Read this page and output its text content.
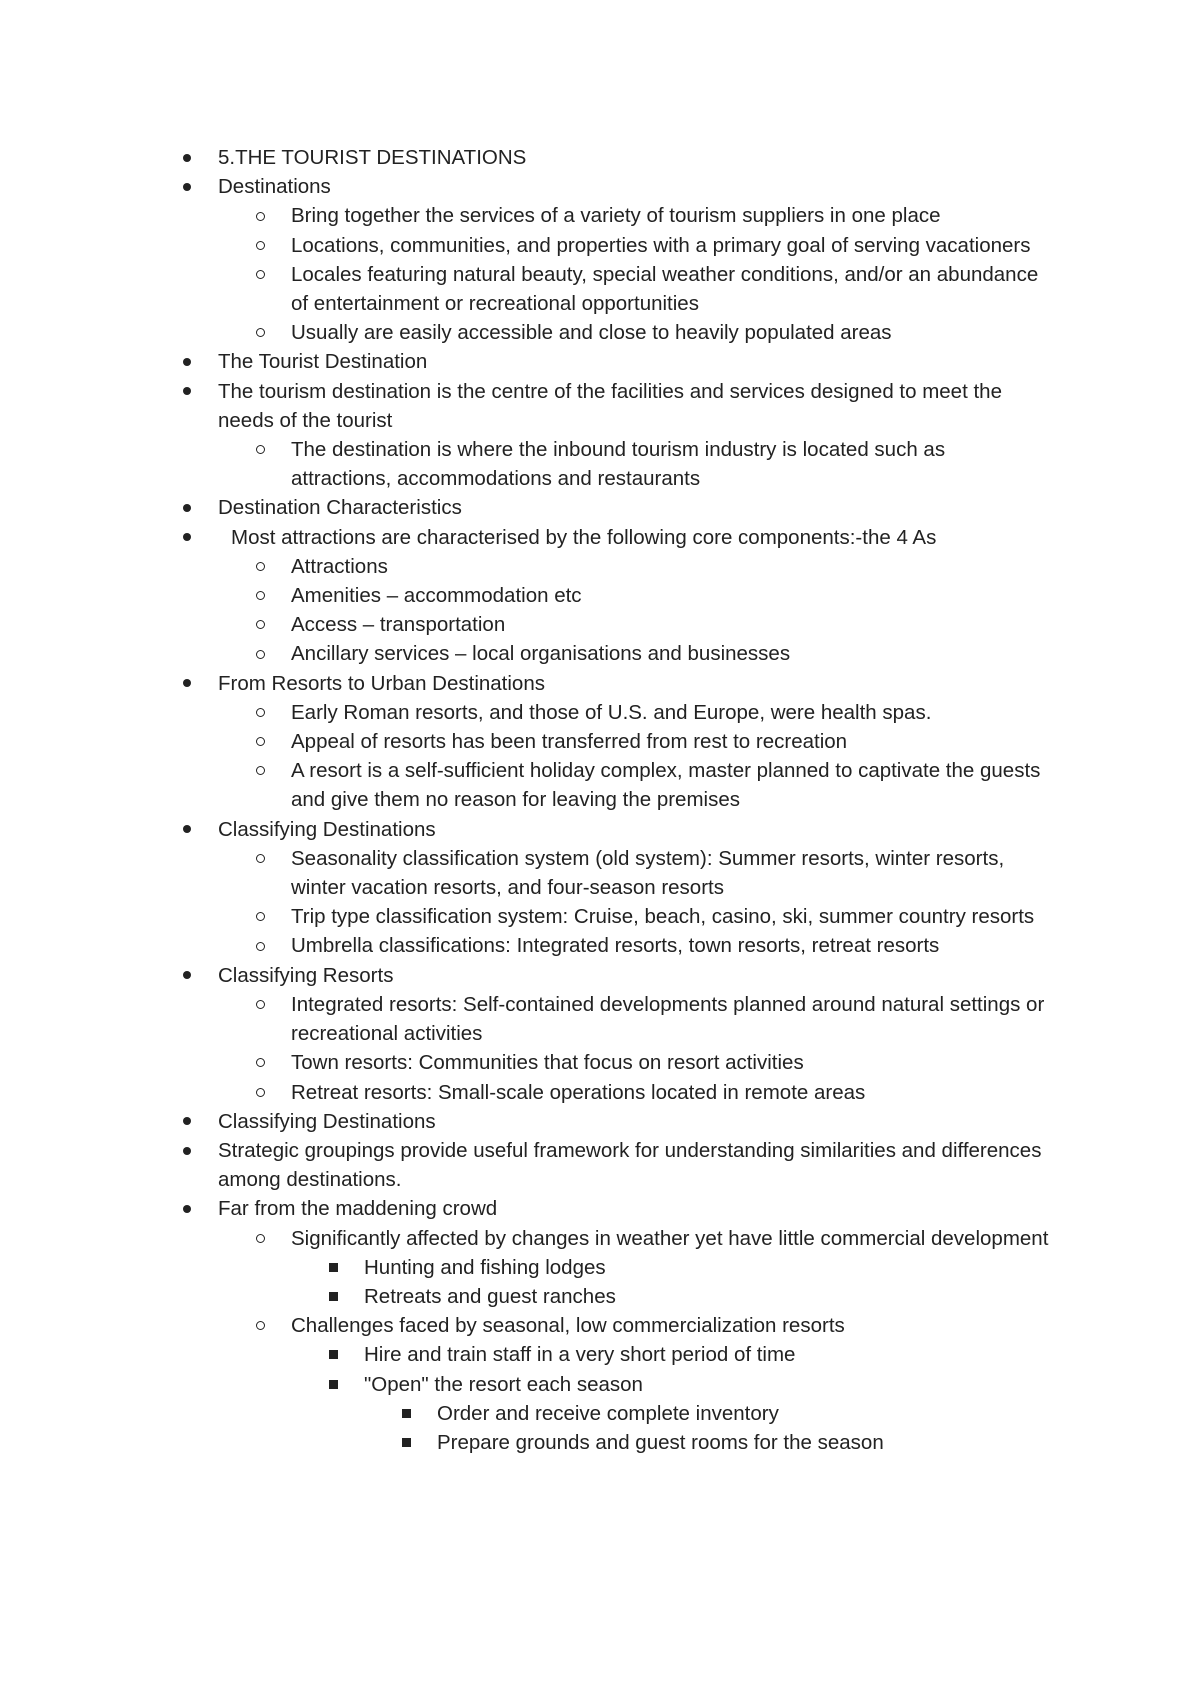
5.THE TOURIST DESTINATIONS
Destinations
Bring together the services of a variety of tourism suppliers in one place
Locations, communities, and properties with a primary goal of serving vacationers
Locales featuring natural beauty, special weather conditions, and/or an abundance of entertainment or recreational opportunities
Usually are easily accessible and close to heavily populated areas
The Tourist Destination
The tourism destination is the centre of the facilities and services designed to meet the needs of the tourist
The destination is where the inbound tourism industry is located such as attractions, accommodations and restaurants
Destination Characteristics
Most attractions are characterised by the following core components:-the 4 As
Attractions
Amenities – accommodation etc
Access – transportation
Ancillary services – local organisations and businesses
From Resorts to Urban Destinations
Early Roman resorts, and those of U.S. and Europe, were health spas.
Appeal of resorts has been transferred from rest to recreation
A resort is a self-sufficient holiday complex, master planned to captivate the guests and give them no reason for leaving the premises
Classifying Destinations
Seasonality classification system (old system): Summer resorts, winter resorts, winter vacation resorts, and four-season resorts
Trip type classification system: Cruise, beach, casino, ski, summer country resorts
Umbrella classifications: Integrated resorts, town resorts, retreat resorts
Classifying Resorts
Integrated resorts: Self-contained developments planned around natural settings or recreational activities
Town resorts: Communities that focus on resort activities
Retreat resorts: Small-scale operations located in remote areas
Classifying Destinations
Strategic groupings provide useful framework for understanding similarities and differences among destinations.
Far from the maddening crowd
Significantly affected by changes in weather yet have little commercial development
Hunting and fishing lodges
Retreats and guest ranches
Challenges faced by seasonal, low commercialization resorts
Hire and train staff in a very short period of time
"Open" the resort each season
Order and receive complete inventory
Prepare grounds and guest rooms for the season
